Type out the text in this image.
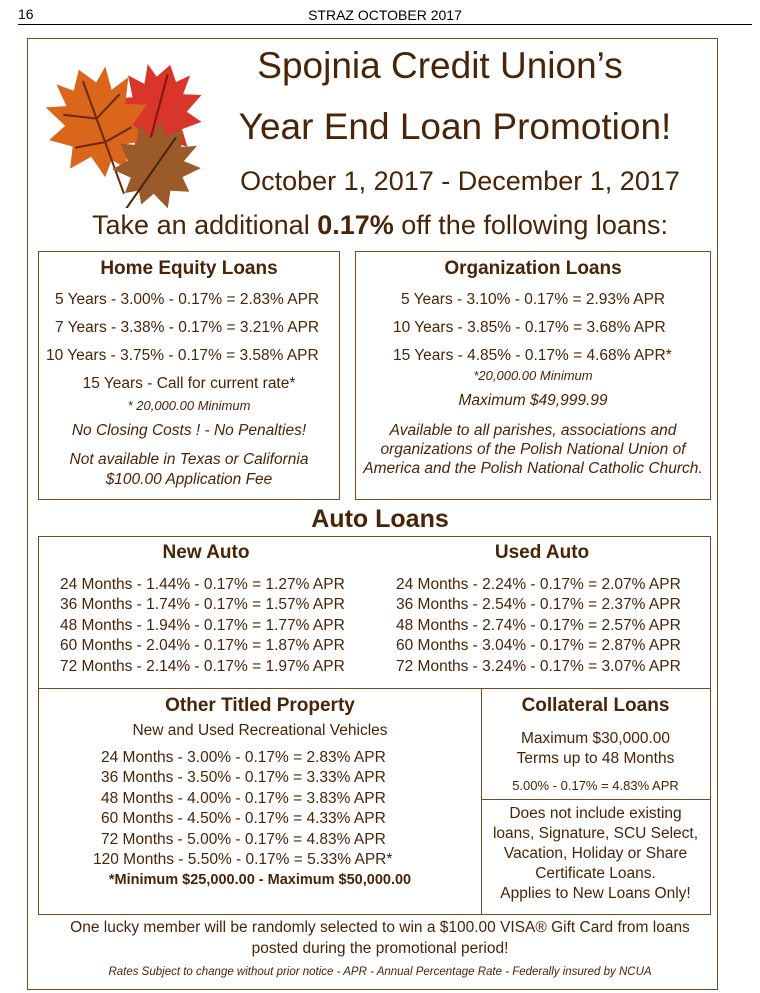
16	STRAZ OCTOBER 2017
Spojnia Credit Union’s
Year End Loan Promotion!
October 1, 2017 - December 1, 2017
Take an additional 0.17% off the following loans:
Home Equity Loans
5 Years - 3.00% - 0.17% = 2.83% APR
7 Years - 3.38% - 0.17% = 3.21% APR
10 Years - 3.75% - 0.17% = 3.58% APR
15 Years - Call for current rate*
* 20,000.00 Minimum
No Closing Costs ! - No Penalties!
Not available in Texas or California
$100.00 Application Fee
Organization Loans
5 Years - 3.10% - 0.17% = 2.93% APR
10 Years - 3.85% - 0.17% = 3.68% APR
15 Years - 4.85% - 0.17% = 4.68% APR*
*20,000.00 Minimum
Maximum $49,999.99
Available to all parishes, associations and
organizations of the Polish National Union of
America and the Polish National Catholic Church.
Auto Loans
New Auto
24 Months - 1.44% - 0.17% = 1.27% APR
36 Months - 1.74% - 0.17% = 1.57% APR
48 Months - 1.94% - 0.17% = 1.77% APR
60 Months - 2.04% - 0.17% = 1.87% APR
72 Months - 2.14% - 0.17% = 1.97% APR
Used Auto
24 Months - 2.24% - 0.17% = 2.07% APR
36 Months - 2.54% - 0.17% = 2.37% APR
48 Months - 2.74% - 0.17% = 2.57% APR
60 Months - 3.04% - 0.17% = 2.87% APR
72 Months - 3.24% - 0.17% = 3.07% APR
Other Titled Property
New and Used Recreational Vehicles
24 Months - 3.00% - 0.17% = 2.83% APR
36 Months - 3.50% - 0.17% = 3.33% APR
48 Months - 4.00% - 0.17% = 3.83% APR
60 Months - 4.50% - 0.17% = 4.33% APR
72 Months - 5.00% - 0.17% = 4.83% APR
120 Months - 5.50% - 0.17% = 5.33% APR*
*Minimum $25,000.00 - Maximum $50,000.00
Collateral Loans
Maximum $30,000.00
Terms up to 48 Months
5.00% - 0.17% = 4.83% APR
Does not include existing
loans, Signature, SCU Select,
Vacation, Holiday or Share
Certificate Loans.
Applies to New Loans Only!
One lucky member will be randomly selected to win a $100.00 VISA® Gift Card from loans
posted during the promotional period!
Rates Subject to change without prior notice - APR - Annual Percentage Rate - Federally insured by NCUA
